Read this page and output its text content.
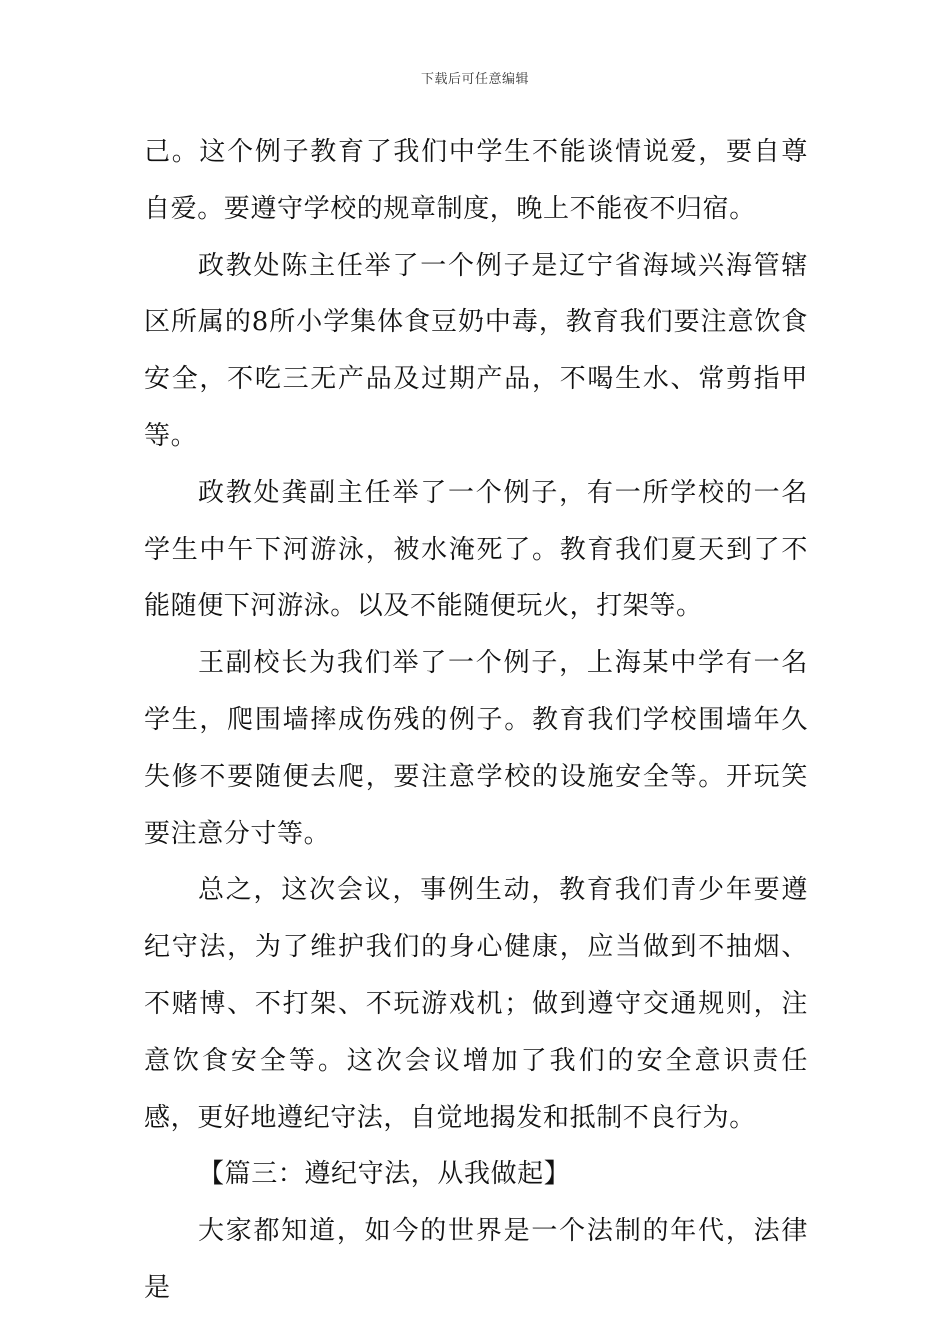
下载后可任意编辑

己。这个例子教育了我们中学生不能谈情说爱，要自尊自爱。要遵守学校的规章制度，晚上不能夜不归宿。

政教处陈主任举了一个例子是辽宁省海域兴海管辖区所属的8所小学集体食豆奶中毒，教育我们要注意饮食安全，不吃三无产品及过期产品，不喝生水、常剪指甲等。

政教处龚副主任举了一个例子，有一所学校的一名学生中午下河游泳，被水淹死了。教育我们夏天到了不能随便下河游泳。以及不能随便玩火，打架等。

王副校长为我们举了一个例子，上海某中学有一名学生，爬围墙摔成伤残的例子。教育我们学校围墙年久失修不要随便去爬，要注意学校的设施安全等。开玩笑要注意分寸等。

总之，这次会议，事例生动，教育我们青少年要遵纪守法，为了维护我们的身心健康，应当做到不抽烟、不赌博、不打架、不玩游戏机；做到遵守交通规则，注意饮食安全等。这次会议增加了我们的安全意识责任感，更好地遵纪守法，自觉地揭发和抵制不良行为。

【篇三：遵纪守法，从我做起】

大家都知道，如今的世界是一个法制的年代，法律是
